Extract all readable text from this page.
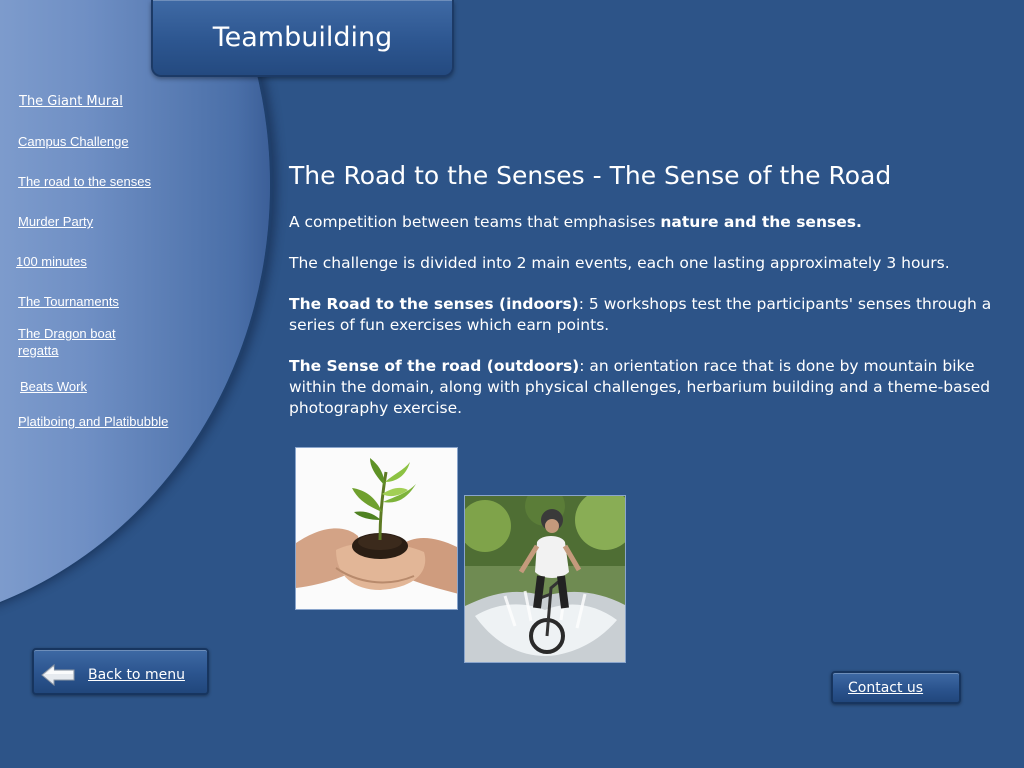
Teambuilding
The Giant Mural
Campus Challenge
The road to the senses
Murder Party
100 minutes
The Tournaments
The Dragon boat
regatta
Beats Work
Platiboing and Platibubble
The Road to the Senses - The Sense of the Road

A competition between teams that emphasises nature and the senses.

The challenge is divided into 2 main events, each one lasting approximately 3 hours.

The Road to the senses (indoors): 5 workshops test the participants' senses through a series of fun exercises which earn points.

The Sense of the road (outdoors): an orientation race that is done by mountain bike within the domain, along with physical challenges, herbarium building and a theme-based photography exercise.

Back to menu
Contact us
